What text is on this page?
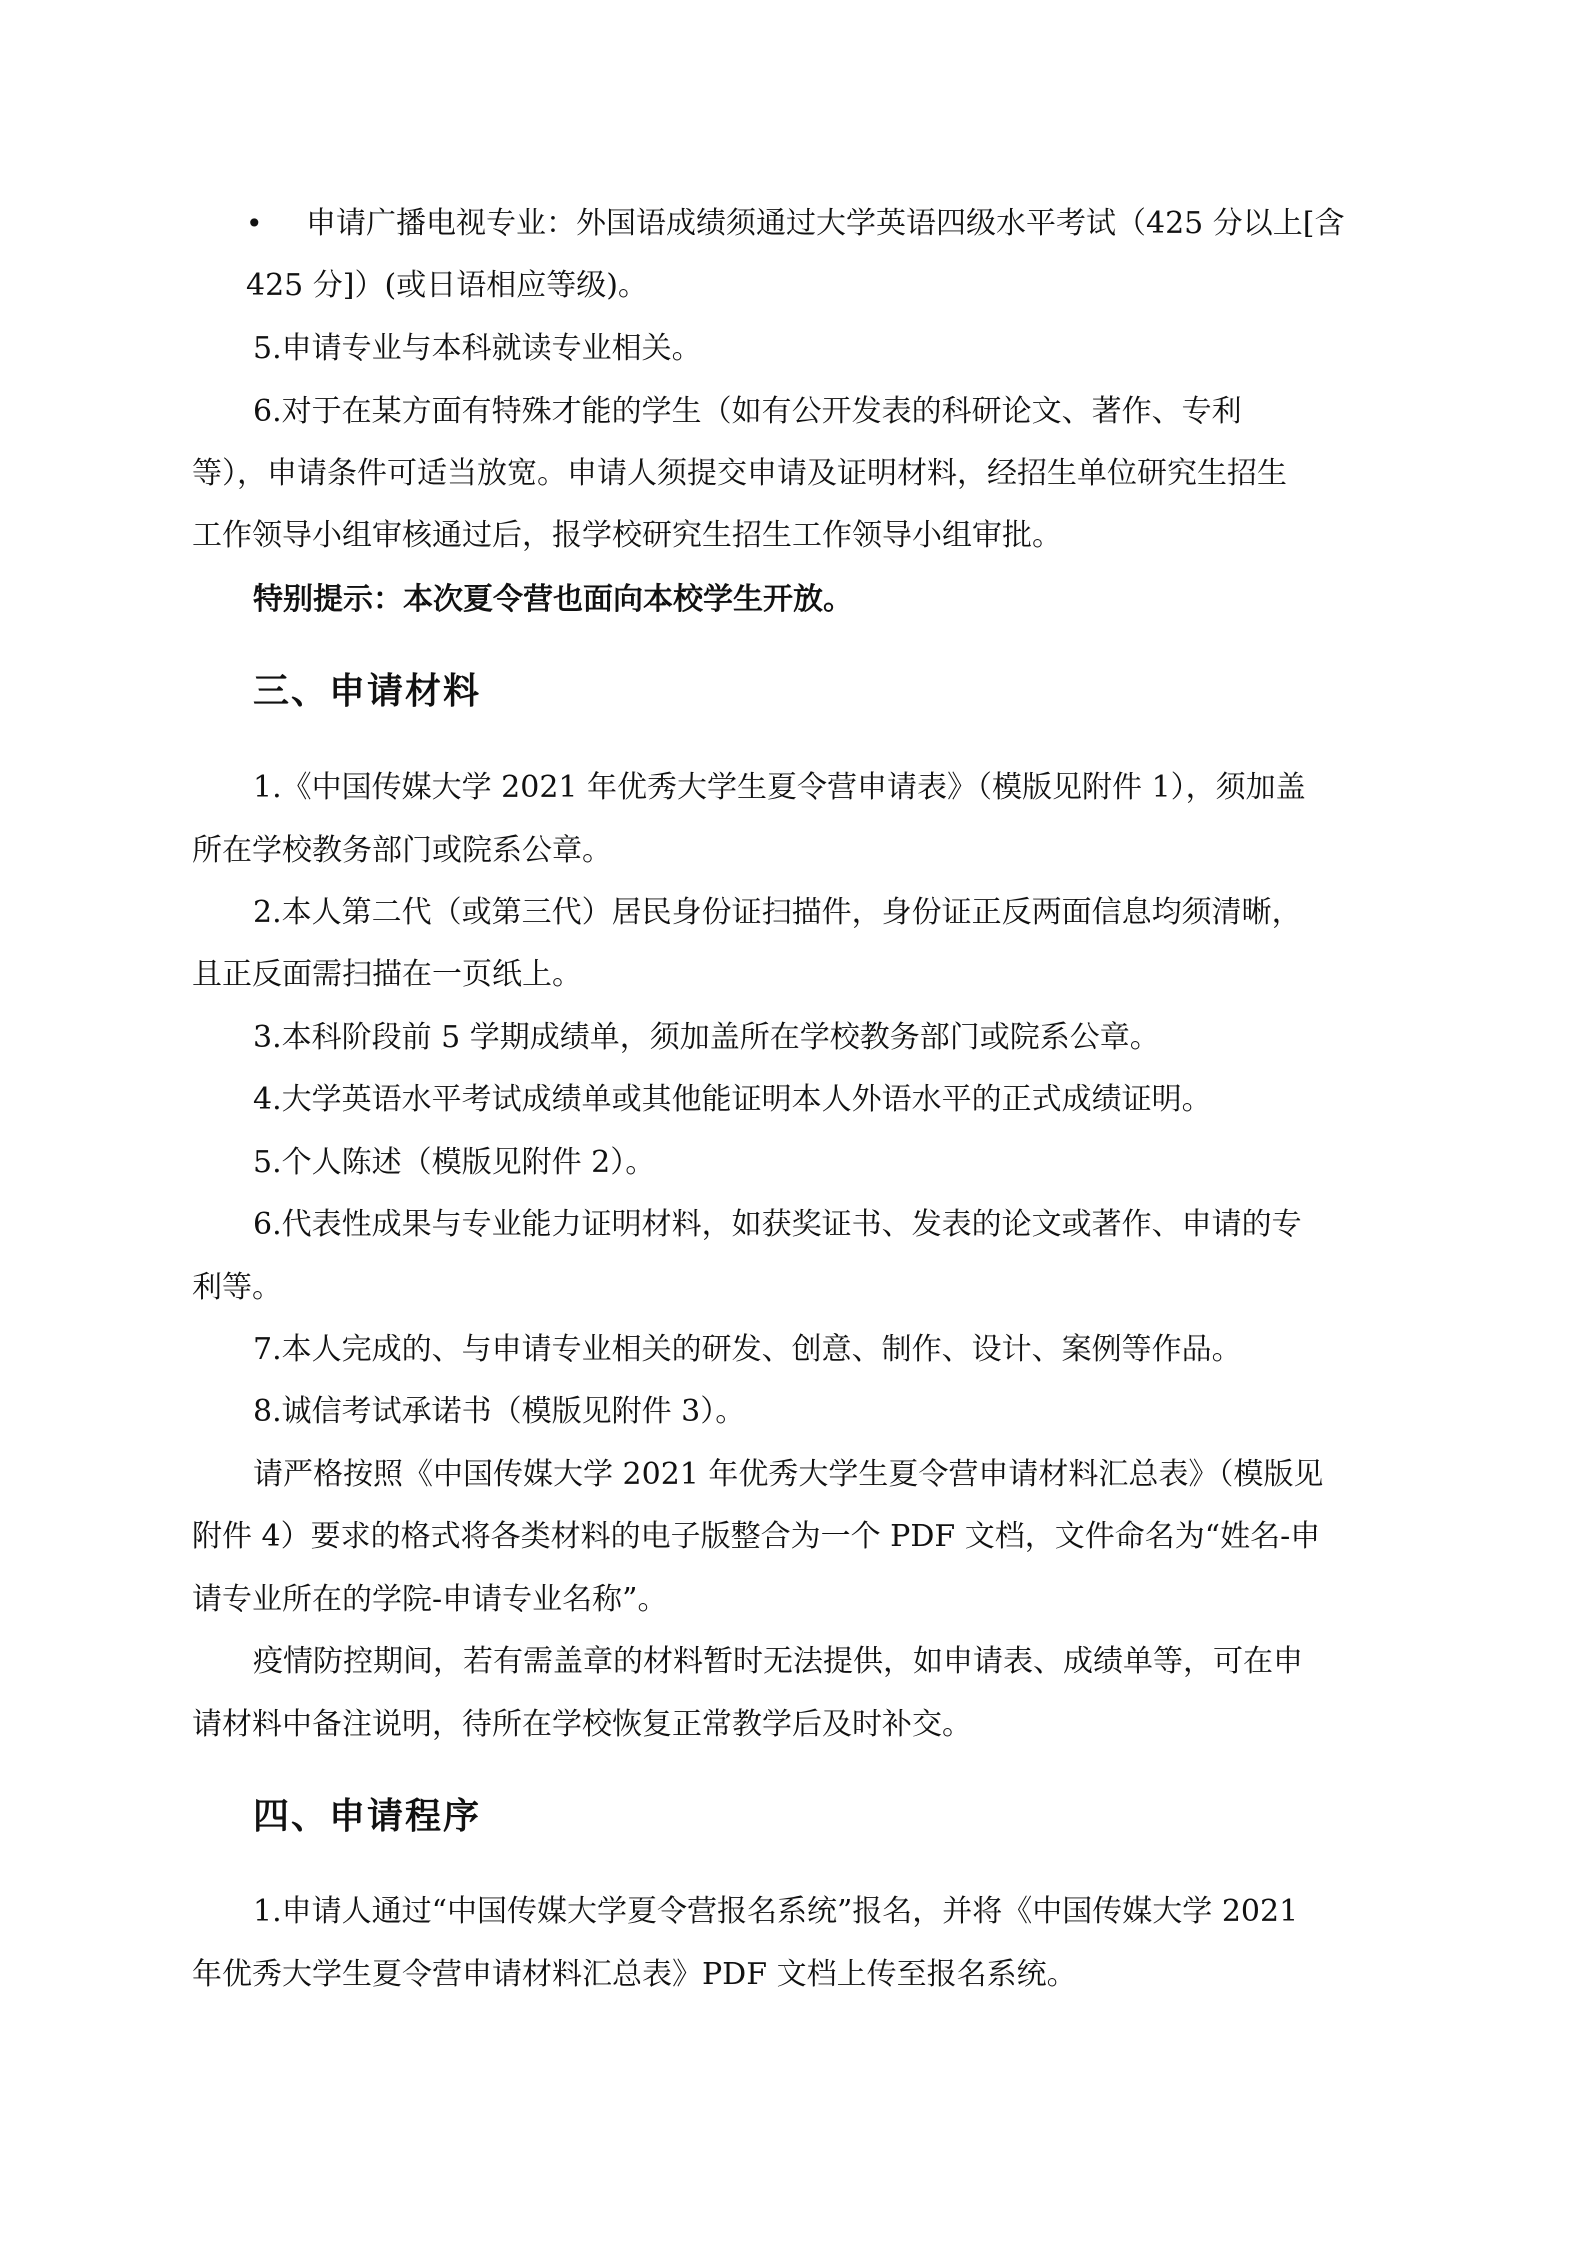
• 申请广播电视专业：外国语成绩须通过大学英语四级水平考试（425 分以上[含
425 分]）(或日语相应等级)。
5.申请专业与本科就读专业相关。
6.对于在某方面有特殊才能的学生（如有公开发表的科研论文、著作、专利
等），申请条件可适当放宽。申请人须提交申请及证明材料，经招生单位研究生招生
工作领导小组审核通过后，报学校研究生招生工作领导小组审批。
特别提示：本次夏令营也面向本校学生开放。
三、申请材料
1.《中国传媒大学 2021 年优秀大学生夏令营申请表》（模版见附件 1），须加盖
所在学校教务部门或院系公章。
2.本人第二代（或第三代）居民身份证扫描件，身份证正反两面信息均须清晰，
且正反面需扫描在一页纸上。
3.本科阶段前 5 学期成绩单，须加盖所在学校教务部门或院系公章。
4.大学英语水平考试成绩单或其他能证明本人外语水平的正式成绩证明。
5.个人陈述（模版见附件 2）。
6.代表性成果与专业能力证明材料，如获奖证书、发表的论文或著作、申请的专
利等。
7.本人完成的、与申请专业相关的研发、创意、制作、设计、案例等作品。
8.诚信考试承诺书（模版见附件 3）。
请严格按照《中国传媒大学 2021 年优秀大学生夏令营申请材料汇总表》（模版见
附件 4）要求的格式将各类材料的电子版整合为一个 PDF 文档，文件命名为“姓名-申
请专业所在的学院-申请专业名称”。
疫情防控期间，若有需盖章的材料暂时无法提供，如申请表、成绩单等，可在申
请材料中备注说明，待所在学校恢复正常教学后及时补交。
四、申请程序
1.申请人通过“中国传媒大学夏令营报名系统”报名，并将《中国传媒大学 2021
年优秀大学生夏令营申请材料汇总表》PDF 文档上传至报名系统。
